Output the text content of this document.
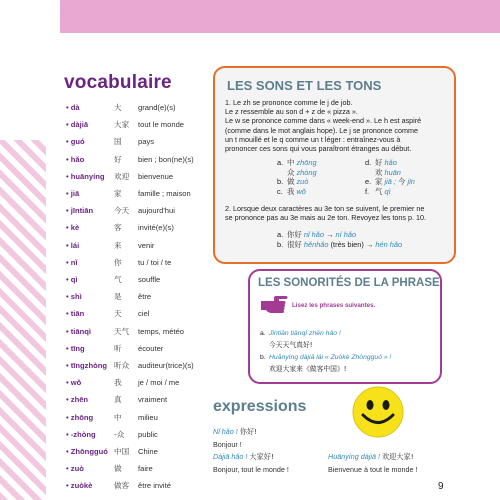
vocabulaire
• dà	大 grand(e)(s)
• dàjiā	大家 tout le monde
• guó	国 pays
• hǎo	好 bien ; bon(ne)(s)
• huānyíng 欢迎 bienvenue
• jiā	家 famille ; maison
• jīntiān	今天 aujourd'hui
• kè	客 invité(e)(s)
• lái	来 venir
• nǐ	你 tu / toi / te
• qì	气 souffle
• shì	是 être
• tiān	天 ciel
• tiānqì	天气 temps, météo
• tīng	听 écouter
• tīngzhòng 听众 auditeur(trice)(s)
• wǒ	我 je / moi / me
• zhēn	真 vraiment
• zhōng	中 milieu
• -zhòng -众 public
• Zhōngguó 中国 Chine
• zuò	做 faire
• zuòkè	做客 être invité
LES SONS ET LES TONS
1. Le zh se prononce comme le j de job.
Le z ressemble au son d + z de « pizza ».
Le w se prononce comme dans « week-end ». Le h est aspiré
(comme dans le mot anglais hope). Le j se prononce comme
un t mouillé et le q comme un t léger : entraînez-vous à
prononcer ces sons qui vous paraîtront étranges au début.
a. 中 zhōng
众 zhòng
b. 做 zuò
c. 我 wǒ
d. 好 hǎo
欢 huān
e. 家 jiā ; 今 jīn
f. 气 qì
2. Lorsque deux caractères au 3e ton se suivent, le premier ne
se prononce pas au 3e mais au 2e ton. Revoyez les tons p. 10.
a. 你好 nǐ hǎo → ní hǎo
b. 很好 hěnhǎo (très bien) → hén hǎo
LES SONORITÉS DE LA PHRASE
Lisez les phrases suivantes.
a. Jīntiān tiānqì zhēn hǎo !
今天天气真好!
b. Huānyíng dàjiā lái « Zuòkè Zhōngguó » !
欢迎大家来《做客中国》!
expressions
Nǐ hǎo ! 你好!
Bonjour !
Dàjiā hǎo ! 大家好!
Bonjour, tout le monde !
Huānyíng dàjiā ! 欢迎大家!
Bienvenue à tout le monde !
9
